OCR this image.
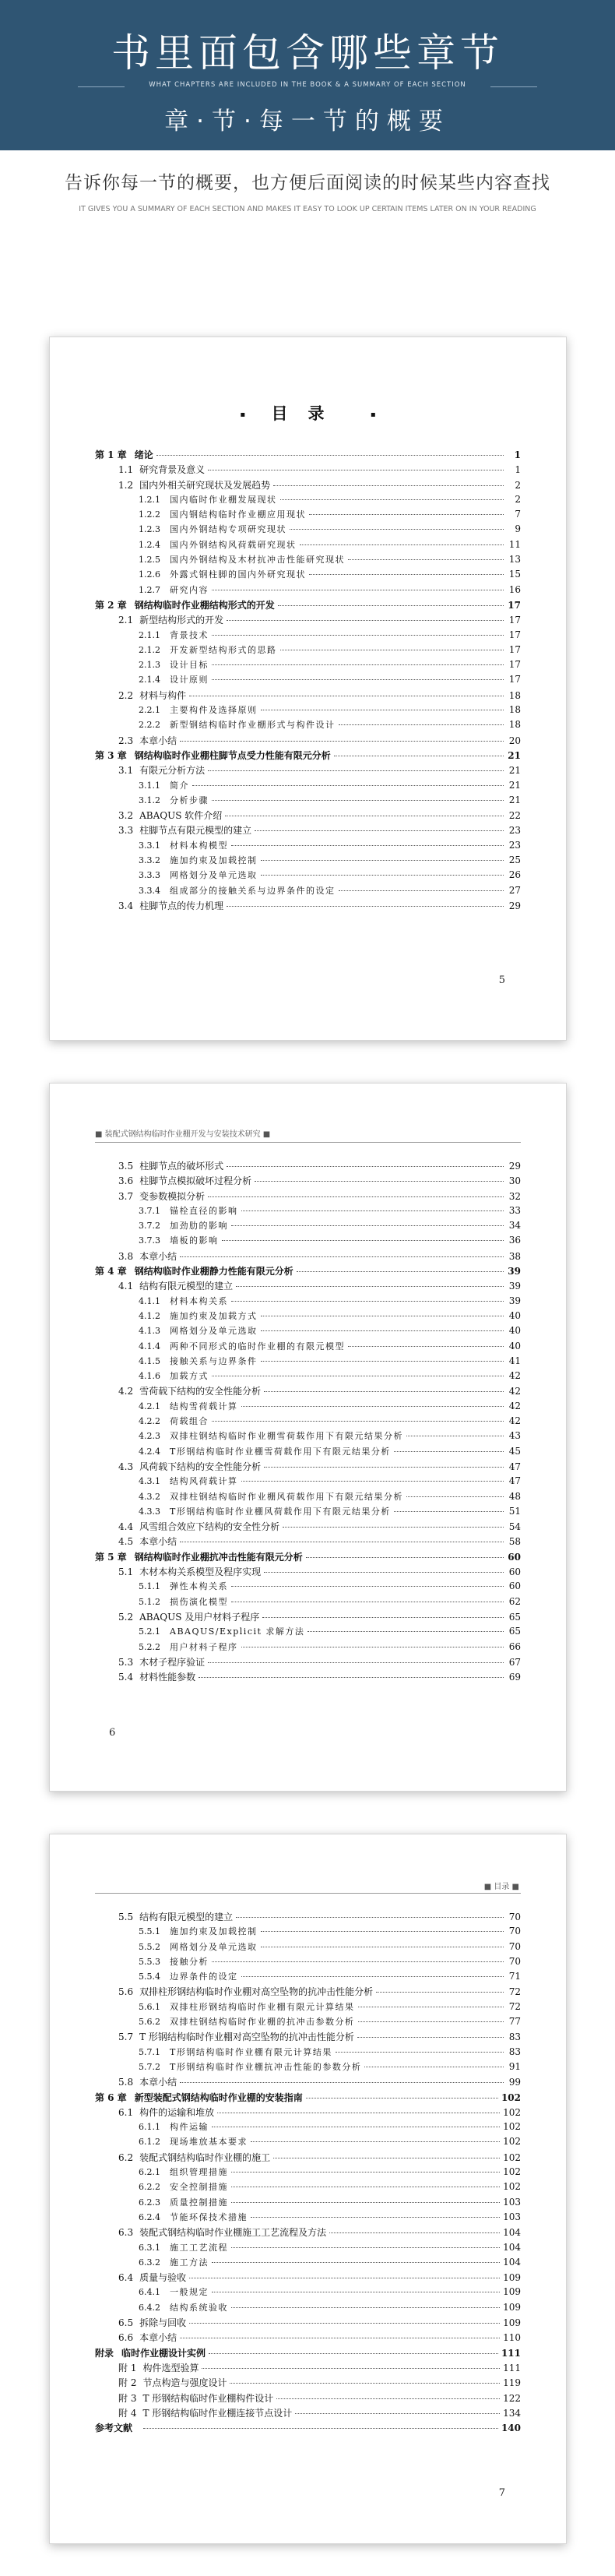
书里面包含哪些章节
WHAT CHAPTERS ARE INCLUDED IN THE BOOK & A SUMMARY OF EACH SECTION
章·节·每一节的概要
告诉你每一节的概要，也方便后面阅读的时候某些内容查找
IT GIVES YOU A SUMMARY OF EACH SECTION AND MAKES IT EASY TO LOOK UP CERTAIN ITEMS LATER ON IN YOUR READING
▪ 目录	▪
第 1 章 绪论	1
1.1 研究背景及意义	1
1.2 国内外相关研究现状及发展趋势	2
1.2.1 国内临时作业棚发展现状	2
1.2.2 国内钢结构临时作业棚应用现状	7
1.2.3 国内外钢结构专项研究现状	9
1.2.4 国内外钢结构风荷载研究现状	11
1.2.5 国内外钢结构及木材抗冲击性能研究现状	13
1.2.6 外露式钢柱脚的国内外研究现状	15
1.2.7 研究内容	16
第 2 章 钢结构临时作业棚结构形式的开发	17
2.1 新型结构形式的开发	17
2.1.1 背景技术	17
2.1.2 开发新型结构形式的思路	17
2.1.3 设计目标	17
2.1.4 设计原则	17
2.2 材料与构件	18
2.2.1 主要构件及选择原则	18
2.2.2 新型钢结构临时作业棚形式与构件设计	18
2.3 本章小结	20
第 3 章 钢结构临时作业棚柱脚节点受力性能有限元分析	21
3.1 有限元分析方法	21
3.1.1 简介	21
3.1.2 分析步骤	21
3.2 ABAQUS 软件介绍	22
3.3 柱脚节点有限元模型的建立	23
3.3.1 材料本构模型	23
3.3.2 施加约束及加载控制	25
3.3.3 网格划分及单元选取	26
3.3.4 组成部分的接触关系与边界条件的设定	27
3.4 柱脚节点的传力机理	29
5
■ 装配式钢结构临时作业棚开发与安装技术研究 ■
3.5 柱脚节点的破坏形式	29
3.6 柱脚节点模拟破坏过程分析	30
3.7 变参数模拟分析	32
3.7.1 锚栓直径的影响	33
3.7.2 加劲肋的影响	34
3.7.3 墙板的影响	36
3.8 本章小结	38
第 4 章 钢结构临时作业棚静力性能有限元分析	39
4.1 结构有限元模型的建立	39
4.1.1 材料本构关系	39
4.1.2 施加约束及加载方式	40
4.1.3 网格划分及单元选取	40
4.1.4 两种不同形式的临时作业棚的有限元模型	40
4.1.5 接触关系与边界条件	41
4.1.6 加载方式	42
4.2 雪荷载下结构的安全性能分析	42
4.2.1 结构雪荷载计算	42
4.2.2 荷载组合	42
4.2.3 双排柱钢结构临时作业棚雪荷载作用下有限元结果分析	43
4.2.4 T形钢结构临时作业棚雪荷载作用下有限元结果分析	45
4.3 风荷载下结构的安全性能分析	47
4.3.1 结构风荷载计算	47
4.3.2 双排柱钢结构临时作业棚风荷载作用下有限元结果分析	48
4.3.3 T形钢结构临时作业棚风荷载作用下有限元结果分析	51
4.4 风雪组合效应下结构的安全性分析	54
4.5 本章小结	58
第 5 章 钢结构临时作业棚抗冲击性能有限元分析	60
5.1 木材本构关系模型及程序实现	60
5.1.1 弹性本构关系	60
5.1.2 损伤演化模型	62
5.2 ABAQUS 及用户材料子程序	65
5.2.1 ABAQUS/Explicit 求解方法	65
5.2.2 用户材料子程序	66
5.3 木材子程序验证	67
5.4 材料性能参数	69
6
■ 目录 ■
5.5 结构有限元模型的建立	70
5.5.1 施加约束及加载控制	70
5.5.2 网格划分及单元选取	70
5.5.3 接触分析	70
5.5.4 边界条件的设定	71
5.6 双排柱形钢结构临时作业棚对高空坠物的抗冲击性能分析	72
5.6.1 双排柱形钢结构临时作业棚有限元计算结果	72
5.6.2 双排柱钢结构临时作业棚的抗冲击参数分析	77
5.7 T 形钢结构临时作业棚对高空坠物的抗冲击性能分析	83
5.7.1 T形钢结构临时作业棚有限元计算结果	83
5.7.2 T形钢结构临时作业棚抗冲击性能的参数分析	91
5.8 本章小结	99
第 6 章 新型装配式钢结构临时作业棚的安装指南	102
6.1 构件的运输和堆放	102
6.1.1 构件运输	102
6.1.2 现场堆放基本要求	102
6.2 装配式钢结构临时作业棚的施工	102
6.2.1 组织管理措施	102
6.2.2 安全控制措施	102
6.2.3 质量控制措施	103
6.2.4 节能环保技术措施	103
6.3 装配式钢结构临时作业棚施工工艺流程及方法	104
6.3.1 施工工艺流程	104
6.3.2 施工方法	104
6.4 质量与验收	109
6.4.1 一般规定	109
6.4.2 结构系统验收	109
6.5 拆除与回收	109
6.6 本章小结	110
附录 临时作业棚设计实例	111
附 1 构件选型验算	111
附 2 节点构造与强度设计	119
附 3 T 形钢结构临时作业棚构件设计	122
附 4 T 形钢结构临时作业棚连接节点设计	134
参考文献	140
7
